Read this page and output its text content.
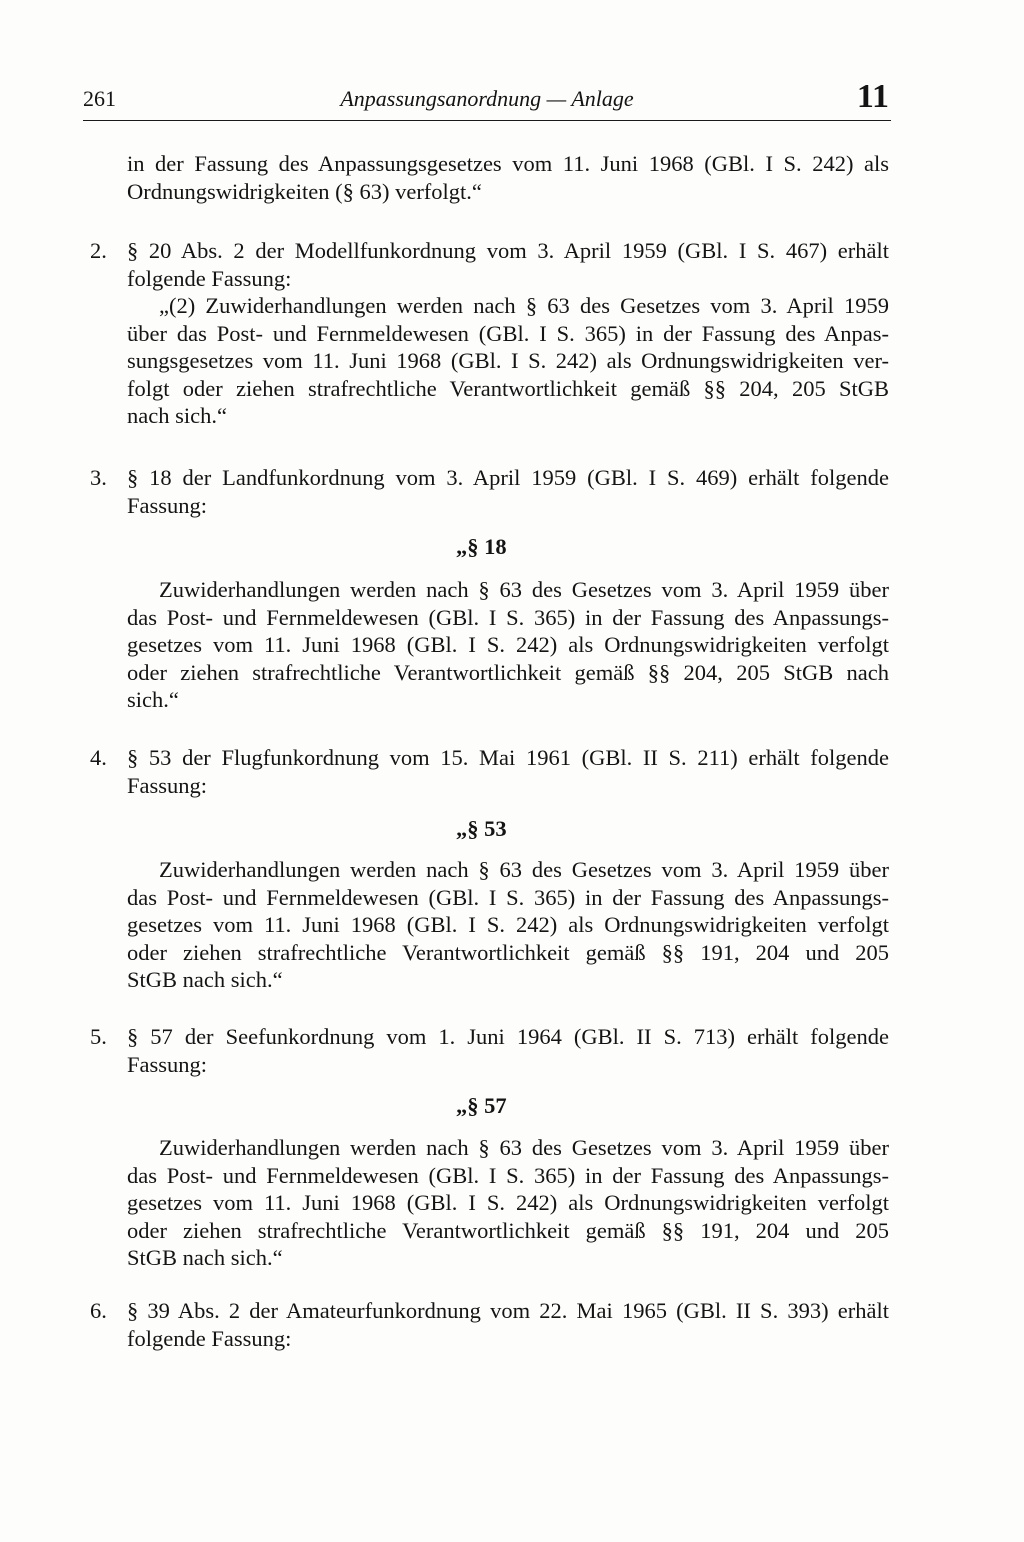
261	Anpassungsanordnung — Anlage	11
in der Fassung des Anpassungsgesetzes vom 11. Juni 1968 (GBl. I S. 242) als
Ordnungswidrigkeiten (§ 63) verfolgt.“
2. § 20 Abs. 2 der Modellfunkordnung vom 3. April 1959 (GBl. I S. 467) erhält
folgende Fassung:
„(2) Zuwiderhandlungen werden nach § 63 des Gesetzes vom 3. April 1959
über das Post- und Fernmeldewesen (GBl. I S. 365) in der Fassung des Anpas-
sungsgesetzes vom 11. Juni 1968 (GBl. I S. 242) als Ordnungswidrigkeiten ver-
folgt oder ziehen strafrechtliche Verantwortlichkeit gemäß §§ 204, 205 StGB
nach sich.“
3. § 18 der Landfunkordnung vom 3. April 1959 (GBl. I S. 469) erhält folgende
Fassung:
„§ 18
Zuwiderhandlungen werden nach § 63 des Gesetzes vom 3. April 1959 über
das Post- und Fernmeldewesen (GBl. I S. 365) in der Fassung des Anpassungs-
gesetzes vom 11. Juni 1968 (GBl. I S. 242) als Ordnungswidrigkeiten verfolgt
oder ziehen strafrechtliche Verantwortlichkeit gemäß §§ 204, 205 StGB nach
sich.“
4. § 53 der Flugfunkordnung vom 15. Mai 1961 (GBl. II S. 211) erhält folgende
Fassung:
„§ 53
Zuwiderhandlungen werden nach § 63 des Gesetzes vom 3. April 1959 über
das Post- und Fernmeldewesen (GBl. I S. 365) in der Fassung des Anpassungs-
gesetzes vom 11. Juni 1968 (GBl. I S. 242) als Ordnungswidrigkeiten verfolgt
oder ziehen strafrechtliche Verantwortlichkeit gemäß §§ 191, 204 und 205
StGB nach sich.“
5. § 57 der Seefunkordnung vom 1. Juni 1964 (GBl. II S. 713) erhält folgende
Fassung:
„§ 57
Zuwiderhandlungen werden nach § 63 des Gesetzes vom 3. April 1959 über
das Post- und Fernmeldewesen (GBl. I S. 365) in der Fassung des Anpassungs-
gesetzes vom 11. Juni 1968 (GBl. I S. 242) als Ordnungswidrigkeiten verfolgt
oder ziehen strafrechtliche Verantwortlichkeit gemäß §§ 191, 204 und 205
StGB nach sich.“
6. § 39 Abs. 2 der Amateurfunkordnung vom 22. Mai 1965 (GBl. II S. 393) erhält
folgende Fassung:
